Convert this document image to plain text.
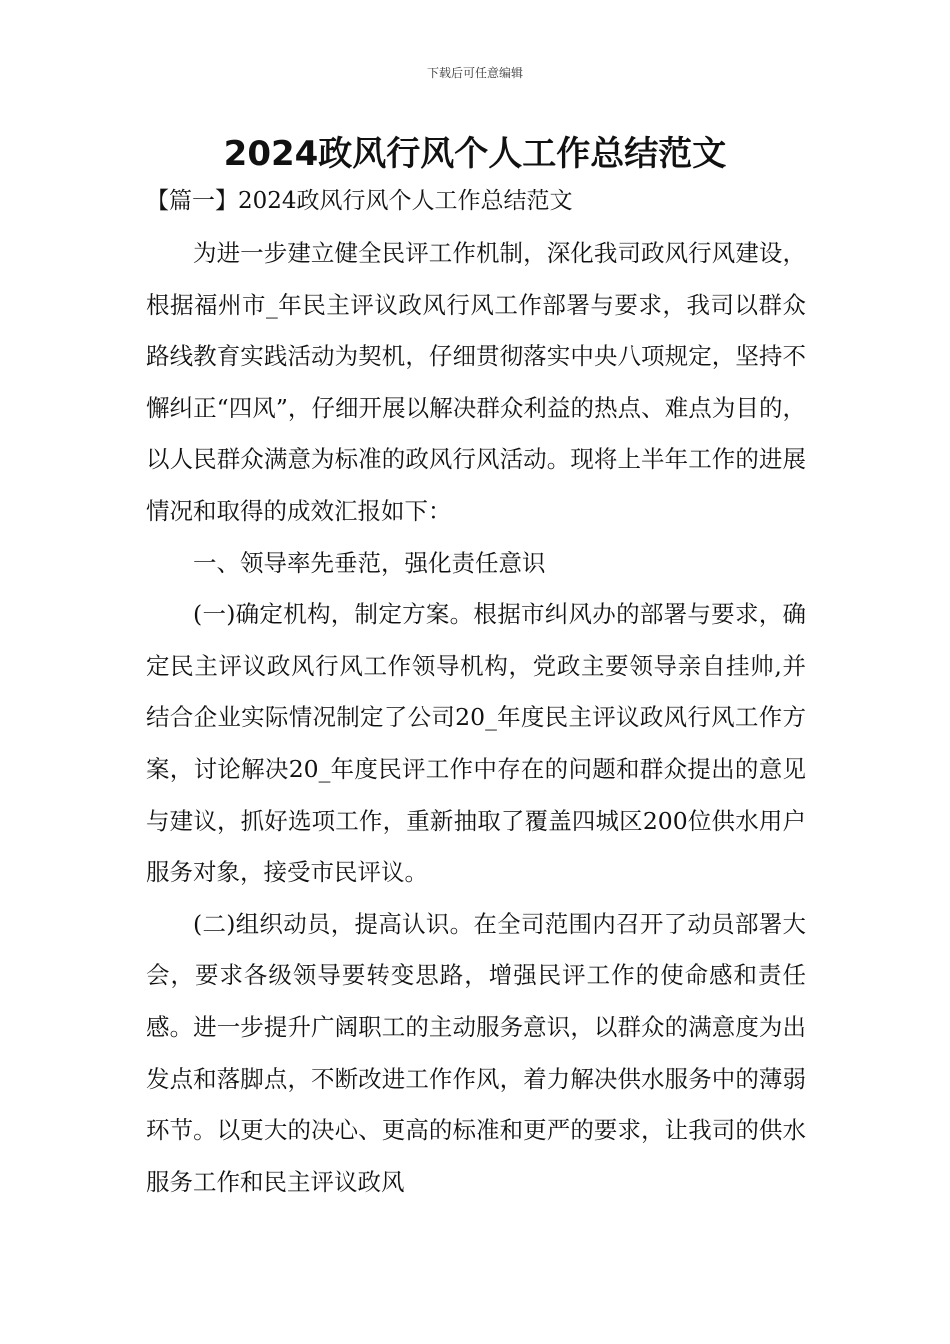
下载后可任意编辑
2024政风行风个人工作总结范文
【篇一】2024政风行风个人工作总结范文

为进一步建立健全民评工作机制，深化我司政风行风建设，根据福州市_年民主评议政风行风工作部署与要求，我司以群众路线教育实践活动为契机，仔细贯彻落实中央八项规定，坚持不懈纠正“四风”，仔细开展以解决群众利益的热点、难点为目的，以人民群众满意为标准的政风行风活动。现将上半年工作的进展情况和取得的成效汇报如下：

一、领导率先垂范，强化责任意识

(一)确定机构，制定方案。根据市纠风办的部署与要求，确定民主评议政风行风工作领导机构，党政主要领导亲自挂帅,并结合企业实际情况制定了公司20_年度民主评议政风行风工作方案，讨论解决20_年度民评工作中存在的问题和群众提出的意见与建议，抓好选项工作，重新抽取了覆盖四城区200位供水用户服务对象，接受市民评议。

(二)组织动员，提高认识。在全司范围内召开了动员部署大会，要求各级领导要转变思路，增强民评工作的使命感和责任感。进一步提升广阔职工的主动服务意识，以群众的满意度为出发点和落脚点，不断改进工作作风，着力解决供水服务中的薄弱环节。以更大的决心、更高的标准和更严的要求，让我司的供水服务工作和民主评议政风
